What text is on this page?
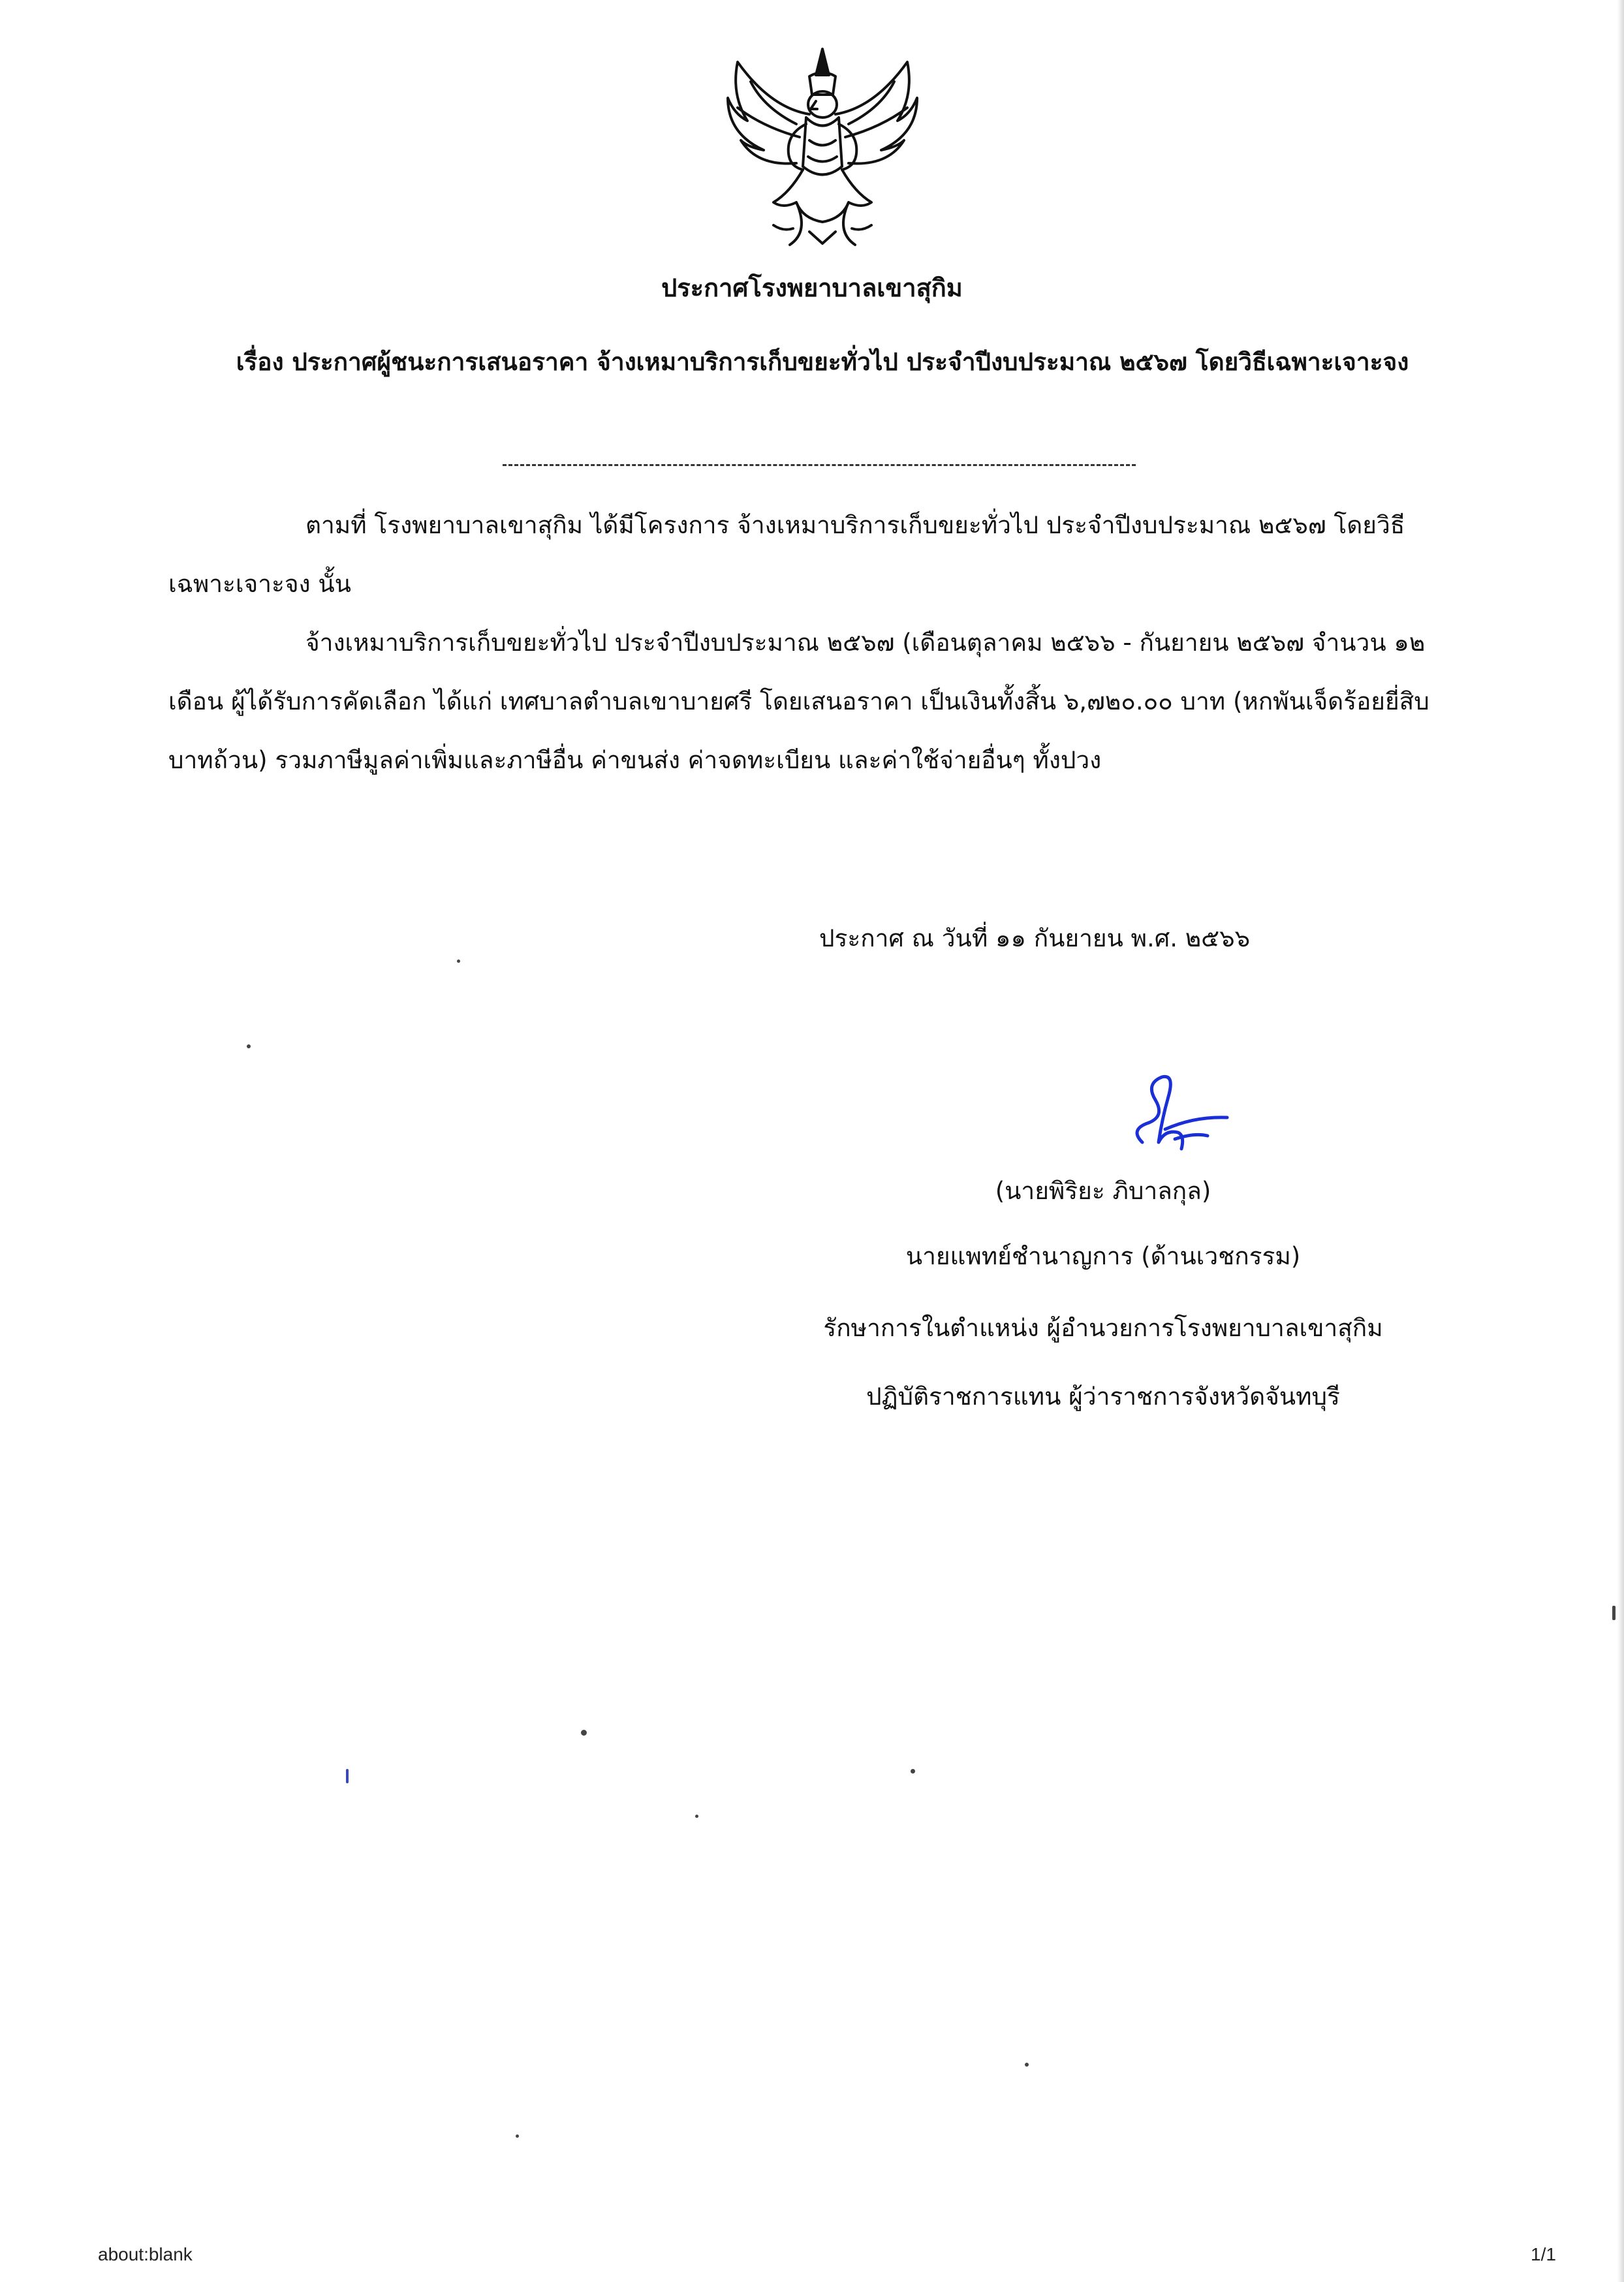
ประกาศโรงพยาบาลเขาสุกิม
เรื่อง ประกาศผู้ชนะการเสนอราคา จ้างเหมาบริการเก็บขยะทั่วไป ประจำปีงบประมาณ ๒๕๖๗ โดยวิธีเฉพาะเจาะจง

ตามที่ โรงพยาบาลเขาสุกิม ได้มีโครงการ จ้างเหมาบริการเก็บขยะทั่วไป ประจำปีงบประมาณ ๒๕๖๗ โดยวิธีเฉพาะเจาะจง นั้น

จ้างเหมาบริการเก็บขยะทั่วไป ประจำปีงบประมาณ ๒๕๖๗ (เดือนตุลาคม ๒๕๖๖ - กันยายน ๒๕๖๗ จำนวน ๑๒ เดือน ผู้ได้รับการคัดเลือก ได้แก่ เทศบาลตำบลเขาบายศรี โดยเสนอราคา เป็นเงินทั้งสิ้น ๖,๗๒๐.๐๐ บาท (หกพันเจ็ดร้อยยี่สิบบาทถ้วน) รวมภาษีมูลค่าเพิ่มและภาษีอื่น ค่าขนส่ง ค่าจดทะเบียน และค่าใช้จ่ายอื่นๆ ทั้งปวง

ประกาศ ณ วันที่ ๑๑ กันยายน พ.ศ. ๒๕๖๖
(นายพิริยะ ภิบาลกุล)
นายแพทย์ชำนาญการ (ด้านเวชกรรม)
รักษาการในตำแหน่ง ผู้อำนวยการโรงพยาบาลเขาสุกิม
ปฏิบัติราชการแทน ผู้ว่าราชการจังหวัดจันทบุรี
about:blank	1/1
